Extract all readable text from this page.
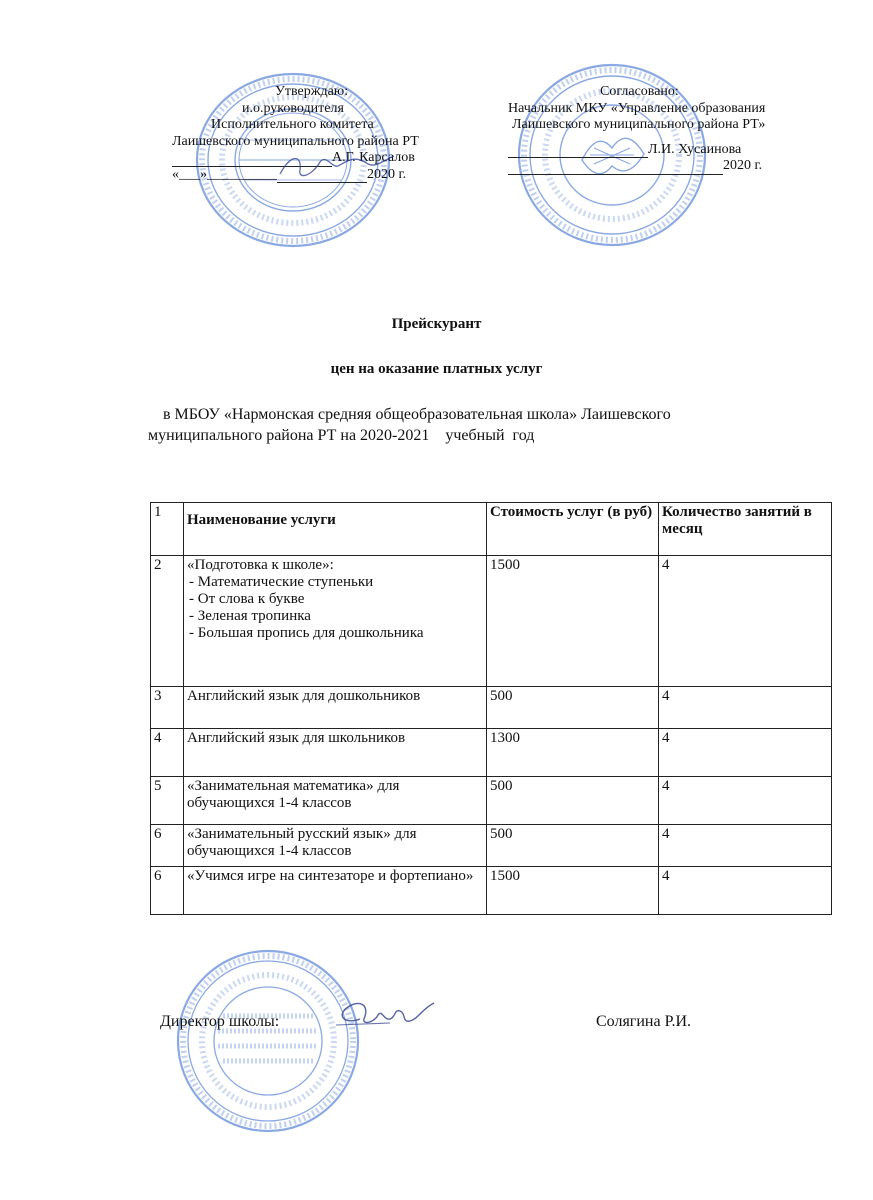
Утверждаю:
и.о.руководителя
Исполнительного комитета
Лаишевского муниципального района РТ
А.Г. Карсалов
«___»__________	2020 г.
Согласовано:
Начальник МКУ «Управление образования
Лаишевского муниципального района РТ»
Л.И. Хусаинова
2020 г.
Прейскурант
цен на оказание платных услуг
в МБОУ «Нармонская средняя общеобразовательная школа» Лаишевского
муниципального района РТ на 2020-2021    учебный  год
1	Наименование услуги	Стоимость услуг (в руб)	Количество занятий в месяц
2	«Подготовка к школе»:
- Математические ступеньки
- От слова к букве
- Зеленая тропинка
- Большая пропись для дошкольника	1500	4
3	Английский язык для дошкольников	500	4
4	Английский язык для школьников	1300	4
5	«Занимательная математика» для обучающихся 1-4 классов	500	4
6	«Занимательный русский язык» для обучающихся 1-4 классов	500	4
6	«Учимся игре на синтезаторе и фортепиано»	1500	4
Директор школы:	Солягина Р.И.
